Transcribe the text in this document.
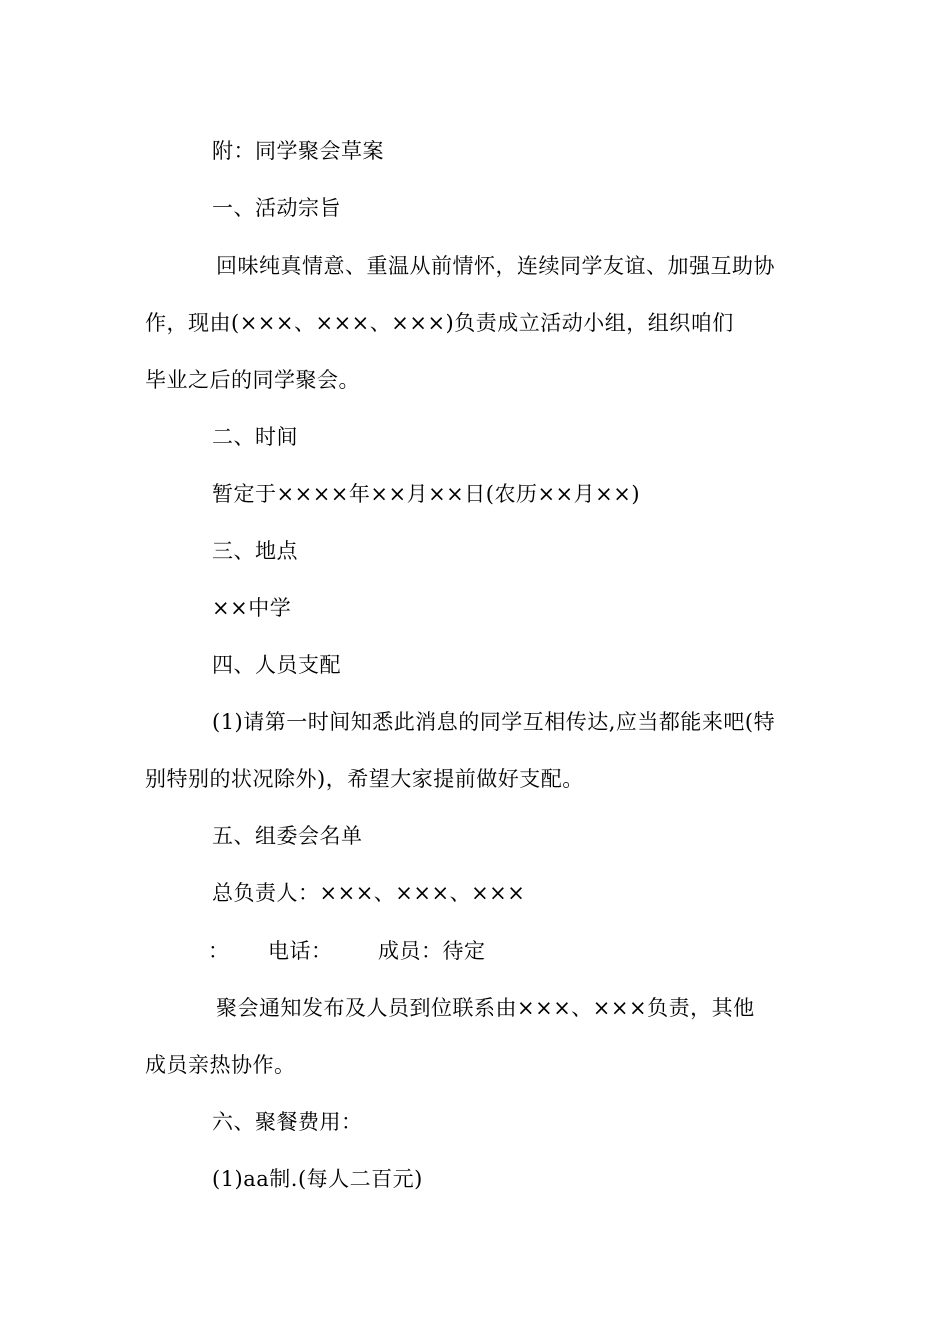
附：同学聚会草案
一、活动宗旨
回味纯真情意、重温从前情怀，连续同学友谊、加强互助协
作，现由(×××、×××、×××)负责成立活动小组，组织咱们
毕业之后的同学聚会。
二、时间
暂定于××××年××月××日(农历××月××)
三、地点
××中学
四、人员支配
(1)请第一时间知悉此消息的同学互相传达,应当都能来吧(特
别特别的状况除外)，希望大家提前做好支配。
五、组委会名单
总负责人：×××、×××、×××
： 电话： 成员：待定
聚会通知发布及人员到位联系由×××、×××负责，其他
成员亲热协作。
六、聚餐费用：
(1)aa制.(每人二百元)
